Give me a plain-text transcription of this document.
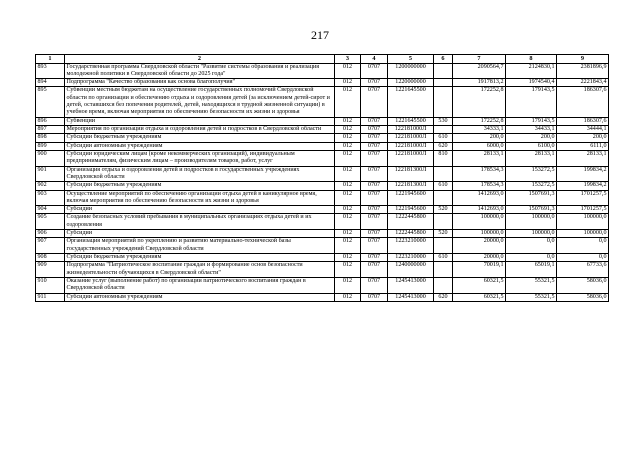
217
1	2	3	4	5	6	7	8	9
893	Государственная программа Свердловской области "Развитие системы образования и реализация молодежной политики в Свердловской области до 2025 года"	012	0707	1200000000		2090564,7	2124830,1	2381896,9
894	Подпрограмма "Качество образования как основа благополучия"	012	0707	1220000000		1917813,2	1974540,4	2221843,4
895	Субвенции местным бюджетам на осуществление государственных полномочий Свердловской области по организации и обеспечению отдыха и оздоровления детей (за исключением детей-сирот и детей, оставшихся без попечения родителей, детей, находящихся в трудной жизненной ситуации) в учебное время, включая мероприятия по обеспечению безопасности их жизни и здоровья	012	0707	1221645500		172252,8	179143,5	186307,6
896	Субвенции	012	0707	1221645500	530	172252,8	179143,5	186307,6
897	Мероприятия по организации отдыха и оздоровления детей и подростков в Свердловской области	012	0707	122181000Л		34333,1	34433,1	34444,1
898	Субсидии бюджетным учреждениям	012	0707	122181000Л	610	200,0	200,0	200,0
899	Субсидии автономным учреждениям	012	0707	122181000Л	620	6000,0	6100,0	6111,0
900	Субсидии юридическим лицам (кроме некоммерческих организаций), индивидуальным предпринимателям, физическим лицам – производителям товаров, работ, услуг	012	0707	122181000Л	810	28133,1	28133,1	28133,1
901	Организация отдыха и оздоровления детей и подростков в государственных учреждениях Свердловской области	012	0707	122181300Л		178534,3	153272,5	199834,2
902	Субсидии бюджетным учреждениям	012	0707	122181300Л	610	178534,3	153272,5	199834,2
903	Осуществление мероприятий по обеспечению организации отдыха детей в каникулярное время, включая мероприятия по обеспечению безопасности их жизни и здоровья	012	0707	1221945600		1412693,0	1507691,3	1701257,5
904	Субсидии	012	0707	1221945600	520	1412693,0	1507691,3	1701257,5
905	Создание безопасных условий пребывания в муниципальных организациях отдыха детей и их оздоровления	012	0707	1222445800		100000,0	100000,0	100000,0
906	Субсидии	012	0707	1222445800	520	100000,0	100000,0	100000,0
907	Организация мероприятий по укреплению и развитию материально-технической базы государственных учреждений Свердловской области	012	0707	1223210000		20000,0	0,0	0,0
908	Субсидии бюджетным учреждениям	012	0707	1223210000	610	20000,0	0,0	0,0
909	Подпрограмма "Патриотическое воспитание граждан и формирование основ безопасности жизнедеятельности обучающихся в Свердловской области"	012	0707	1240000000		70019,1	65019,1	67733,6
910	Оказание услуг (выполнение работ) по организации патриотического воспитания граждан в Свердловской области	012	0707	1245413000		60321,5	55321,5	58036,0
911	Субсидии автономным учреждениям	012	0707	1245413000	620	60321,5	55321,5	58036,0
